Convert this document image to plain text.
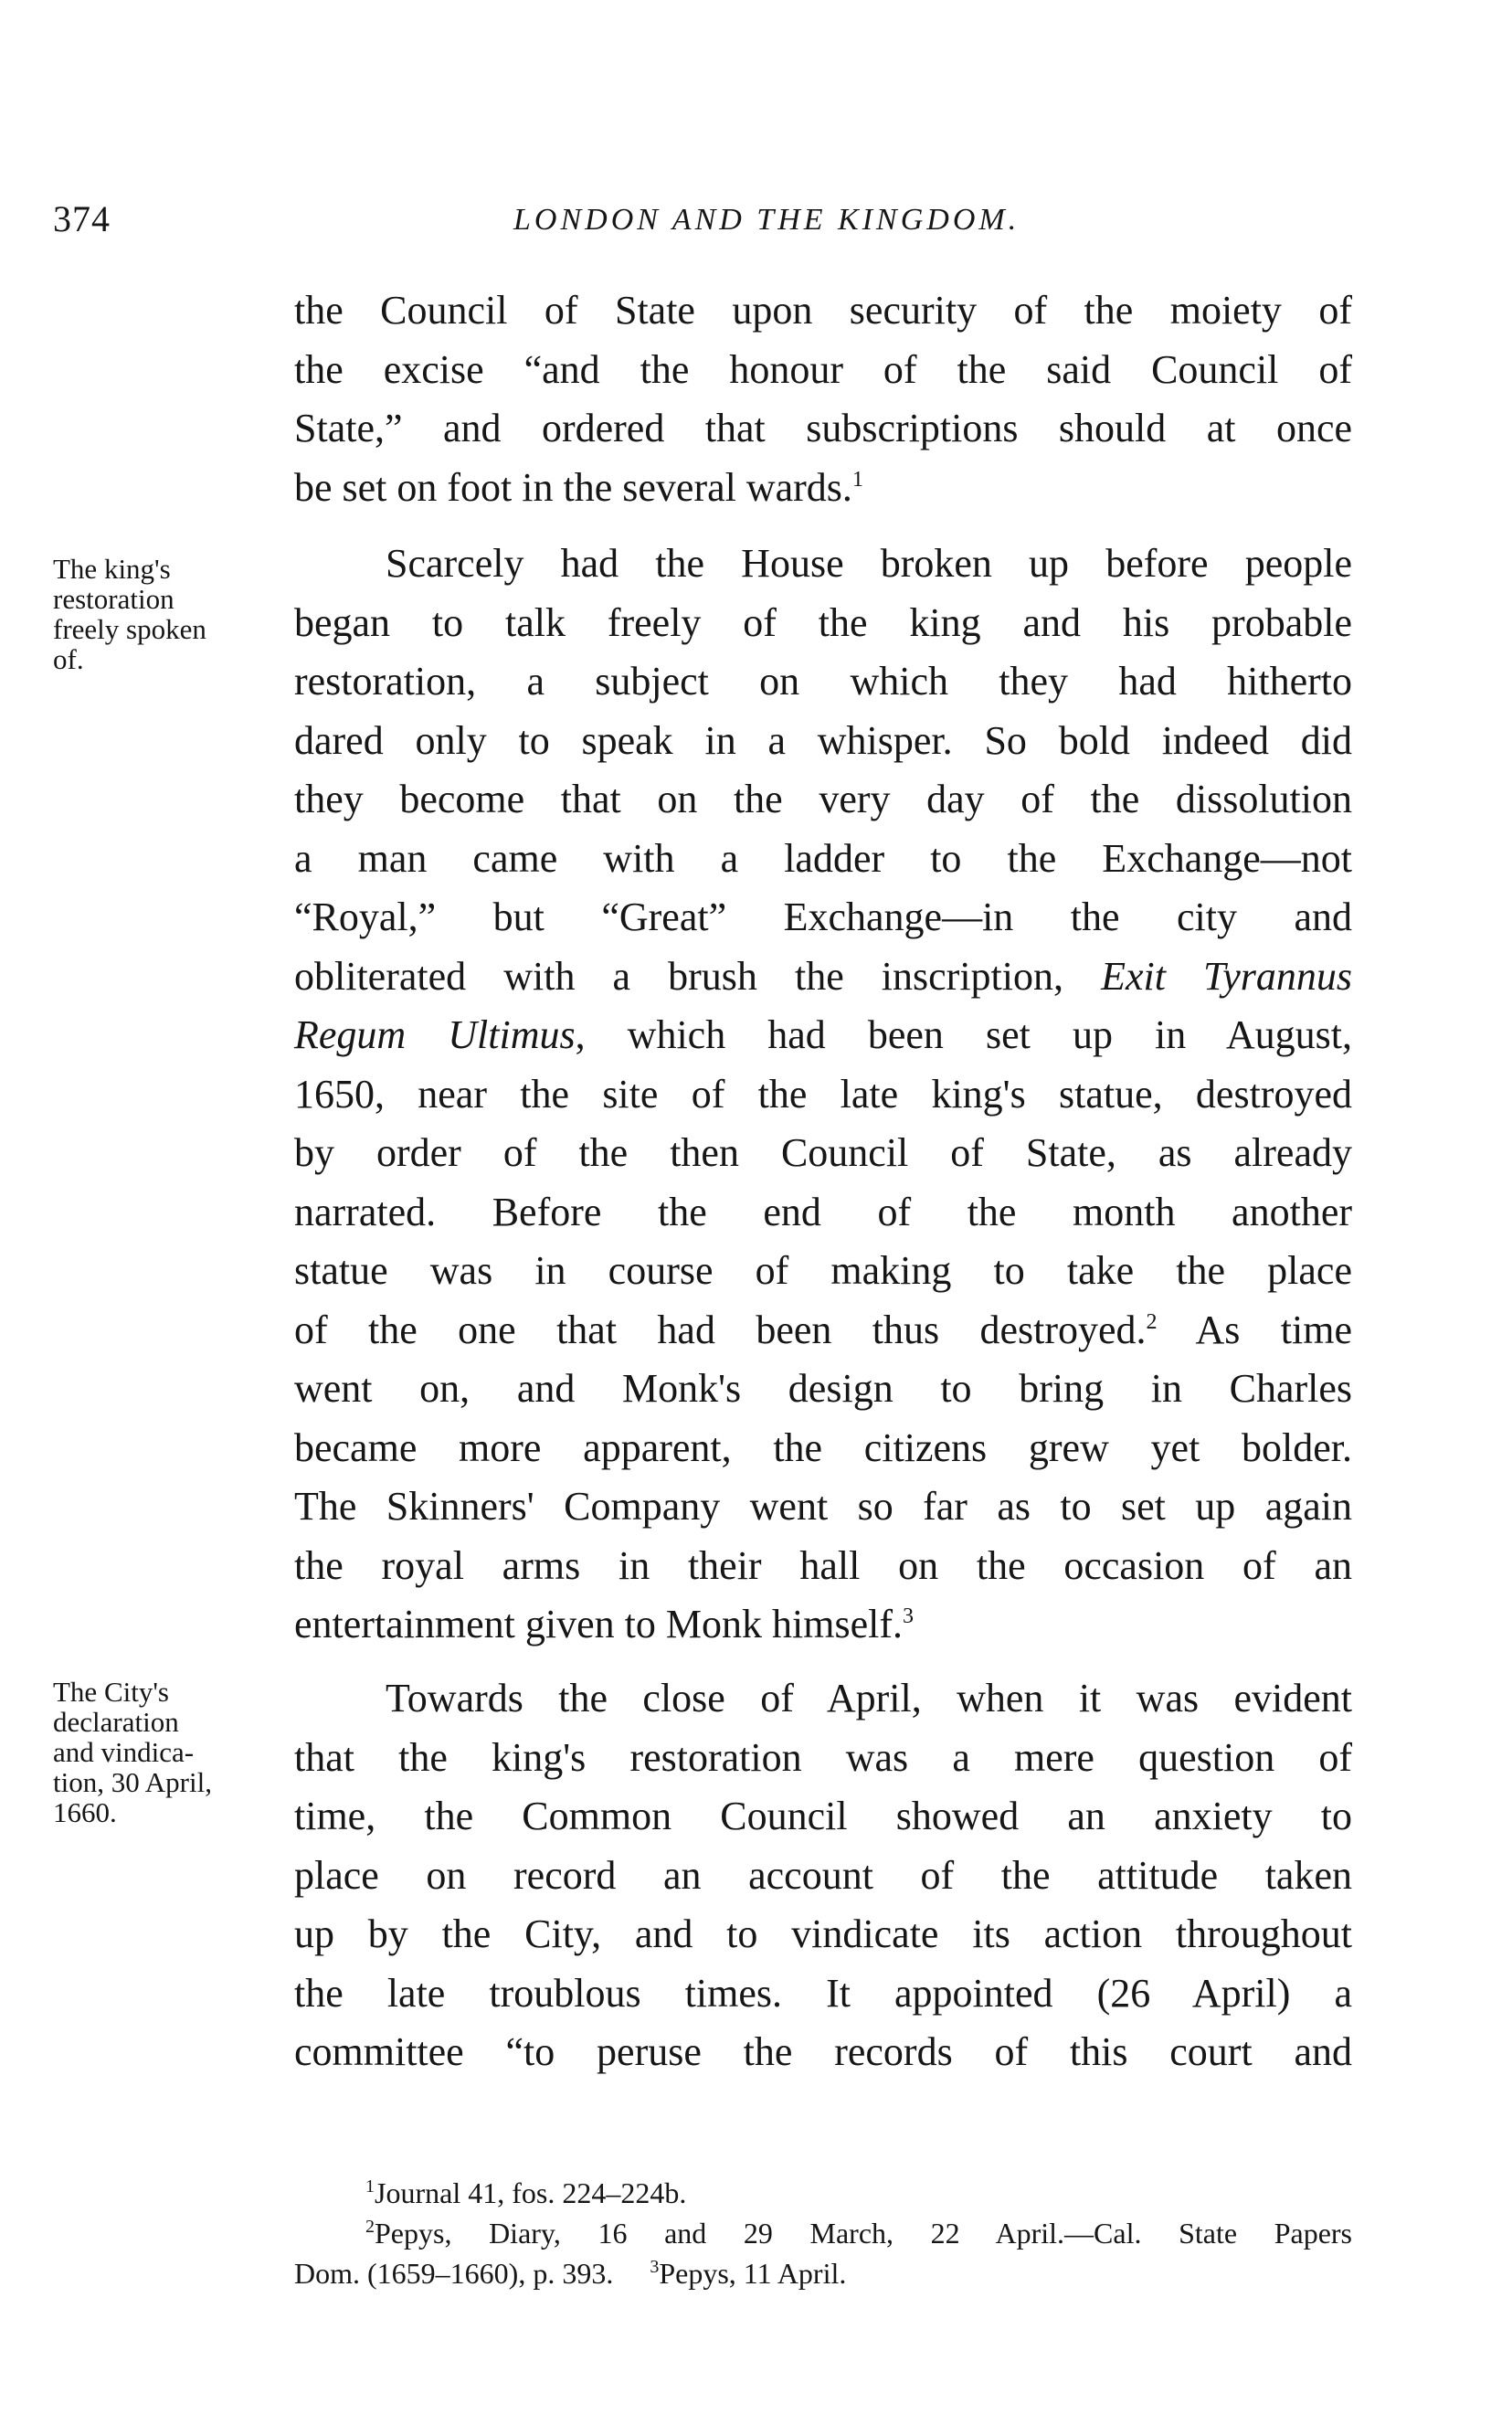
374	LONDON AND THE KINGDOM.
The king's
restoration
freely spoken
of.
The City's
declaration
and vindica-
tion, 30 April,
1660.
the Council of State upon security of the moiety of
the excise “and the honour of the said Council of
State,” and ordered that subscriptions should at once
be set on foot in the several wards.$^1$
Scarcely had the House broken up before people
began to talk freely of the king and his probable
restoration, a subject on which they had hitherto
dared only to speak in a whisper. So bold indeed did
they become that on the very day of the dissolution
a man came with a ladder to the Exchange—not
“Royal,” but “Great” Exchange—in the city and
obliterated with a brush the inscription, Exit Tyrannus
Regum Ultimus, which had been set up in August,
1650, near the site of the late king's statue, destroyed
by order of the then Council of State, as already
narrated. Before the end of the month another
statue was in course of making to take the place
of the one that had been thus destroyed.$^2$ As time
went on, and Monk's design to bring in Charles
became more apparent, the citizens grew yet bolder.
The Skinners' Company went so far as to set up again
the royal arms in their hall on the occasion of an
entertainment given to Monk himself.$^3$
Towards the close of April, when it was evident
that the king's restoration was a mere question of
time, the Common Council showed an anxiety to
place on record an account of the attitude taken
up by the City, and to vindicate its action throughout
the late troublous times. It appointed (26 April) a
committee “to peruse the records of this court and
$^1$Journal 41, fos. 224–224b.
$^2$Pepys, Diary, 16 and 29 March, 22 April.—Cal. State Papers
Dom. (1659–1660), p. 393. $^3$Pepys, 11 April.
